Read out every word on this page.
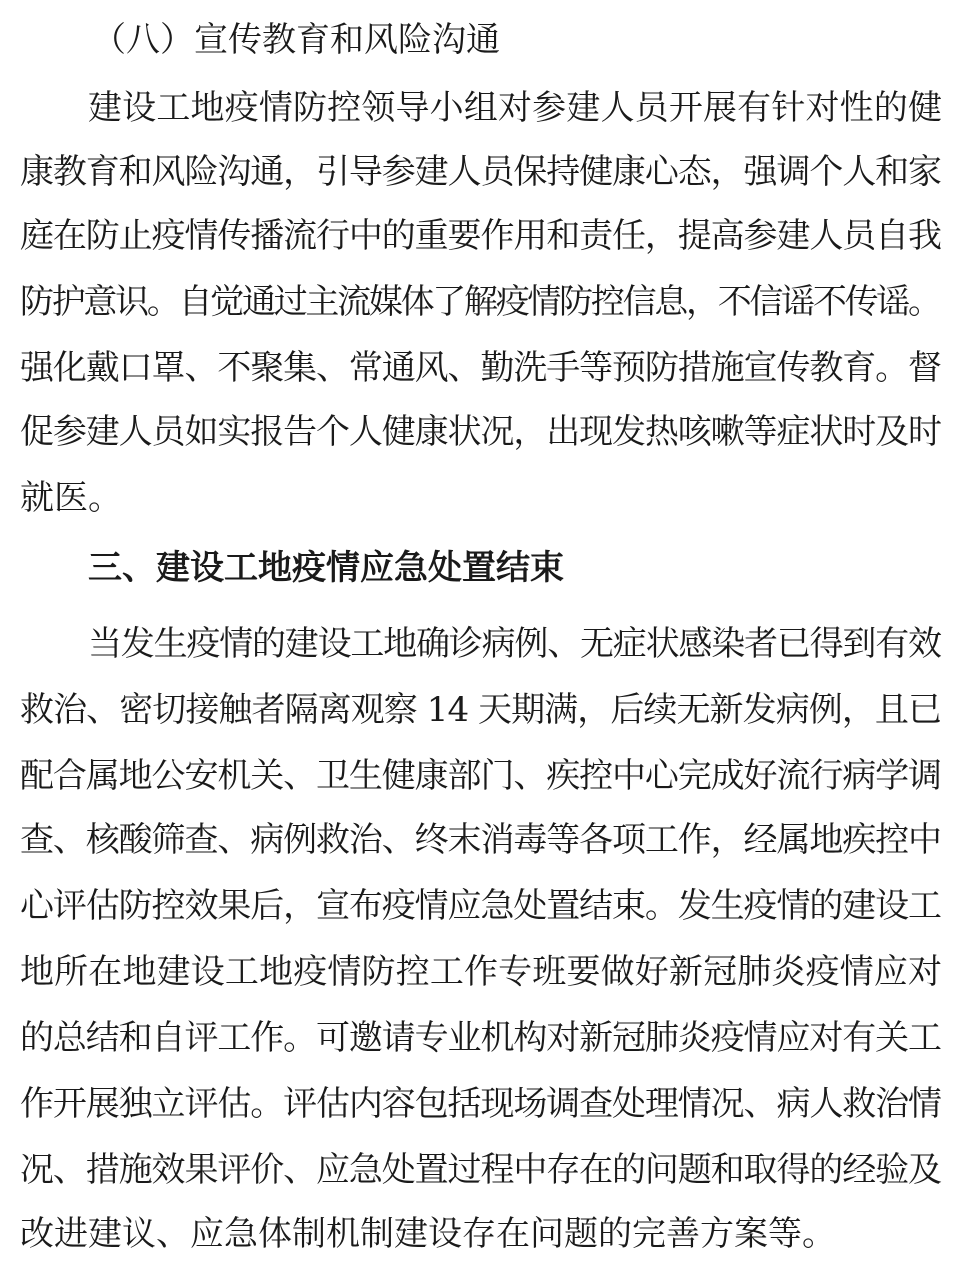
（八）宣传教育和风险沟通
建设工地疫情防控领导小组对参建人员开展有针对性的健
康教育和风险沟通，引导参建人员保持健康心态，强调个人和家
庭在防止疫情传播流行中的重要作用和责任，提高参建人员自我
防护意识。自觉通过主流媒体了解疫情防控信息，不信谣不传谣。
强化戴口罩、不聚集、常通风、勤洗手等预防措施宣传教育。督
促参建人员如实报告个人健康状况，出现发热咳嗽等症状时及时
就医。
三、建设工地疫情应急处置结束
当发生疫情的建设工地确诊病例、无症状感染者已得到有效
救治、密切接触者隔离观察 14 天期满，后续无新发病例，且已
配合属地公安机关、卫生健康部门、疾控中心完成好流行病学调
查、核酸筛查、病例救治、终末消毒等各项工作，经属地疾控中
心评估防控效果后，宣布疫情应急处置结束。发生疫情的建设工
地所在地建设工地疫情防控工作专班要做好新冠肺炎疫情应对
的总结和自评工作。可邀请专业机构对新冠肺炎疫情应对有关工
作开展独立评估。评估内容包括现场调查处理情况、病人救治情
况、措施效果评价、应急处置过程中存在的问题和取得的经验及
改进建议、应急体制机制建设存在问题的完善方案等。
